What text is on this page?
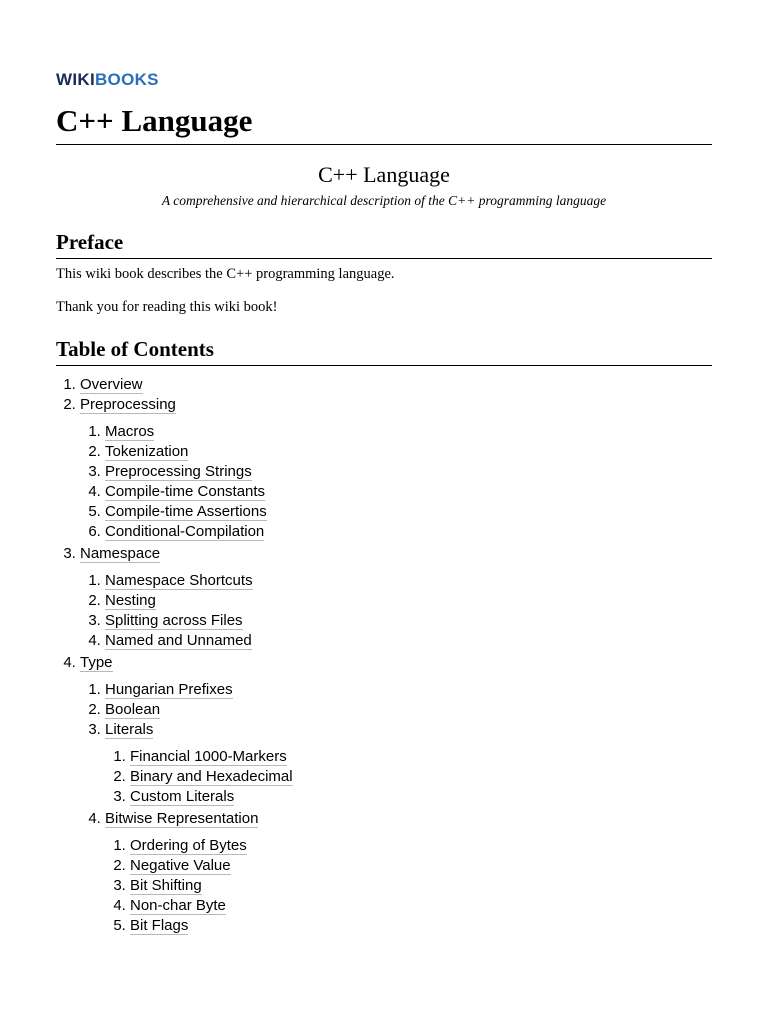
WIKIBOOKS
C++ Language
C++ Language
A comprehensive and hierarchical description of the C++ programming language
Preface

This wiki book describes the C++ programming language.

Thank you for reading this wiki book!

Table of Contents
1. Overview
2. Preprocessing
1. Macros
2. Tokenization
3. Preprocessing Strings
4. Compile-time Constants
5. Compile-time Assertions
6. Conditional-Compilation
3. Namespace
1. Namespace Shortcuts
2. Nesting
3. Splitting across Files
4. Named and Unnamed
4. Type
1. Hungarian Prefixes
2. Boolean
3. Literals
1. Financial 1000-Markers
2. Binary and Hexadecimal
3. Custom Literals
4. Bitwise Representation
1. Ordering of Bytes
2. Negative Value
3. Bit Shifting
4. Non-char Byte
5. Bit Flags
